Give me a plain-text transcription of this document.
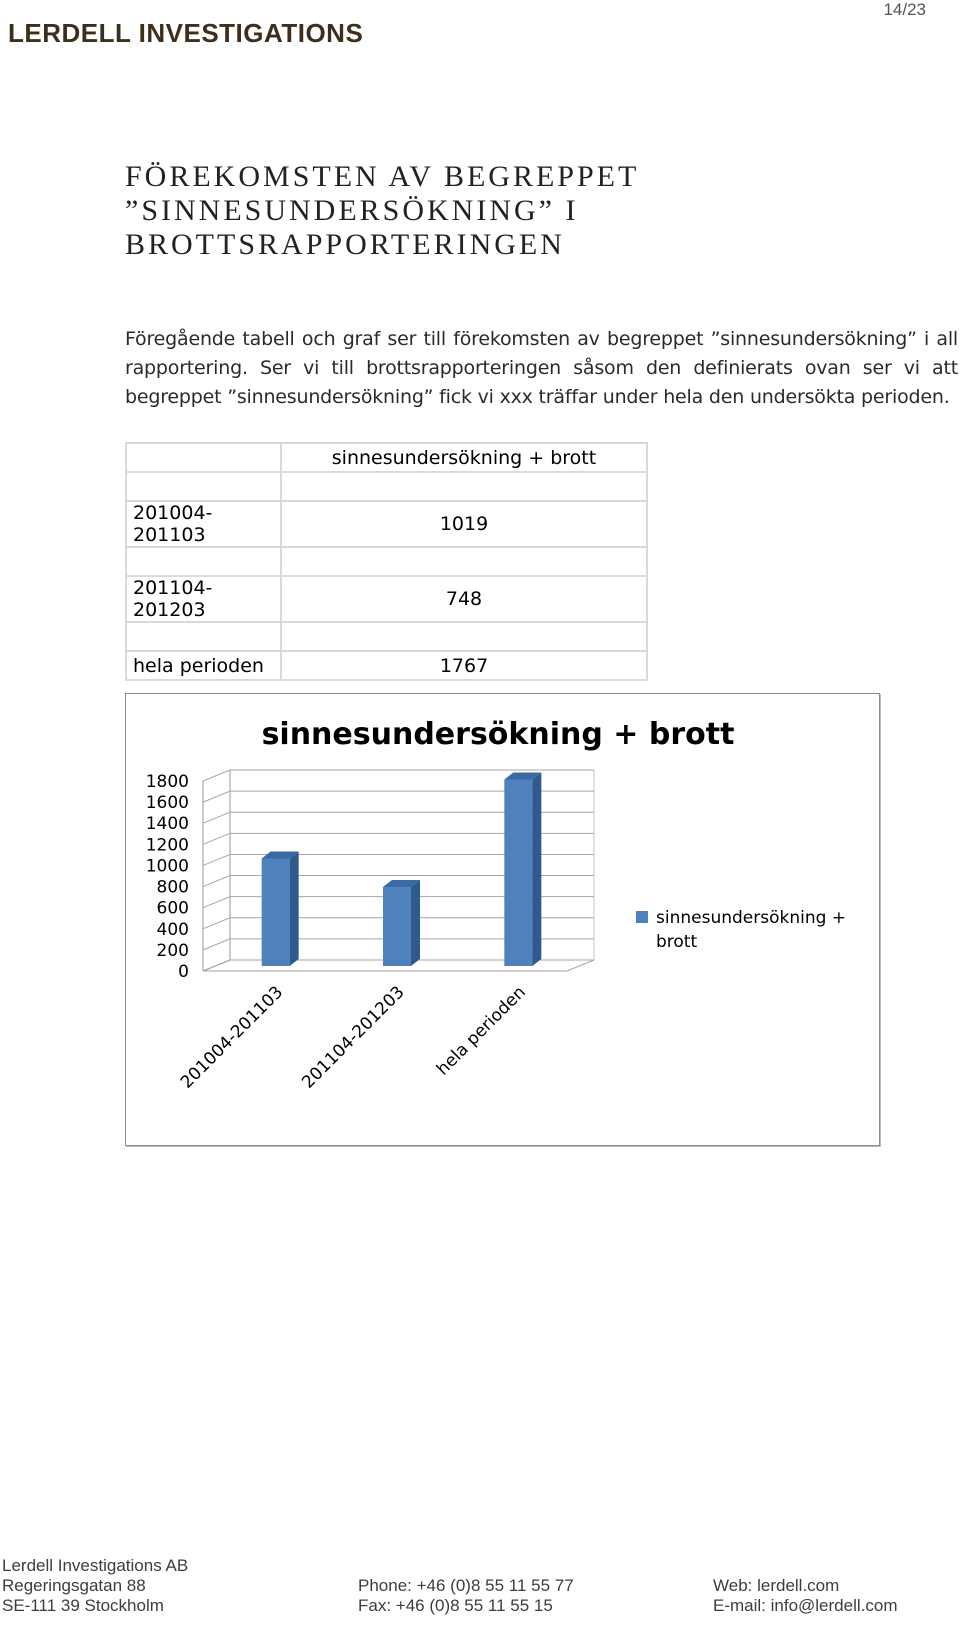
LERDELL INVESTIGATIONS
14/23
FÖREKOMSTEN AV BEGREPPET
”SINNESUNDERSÖKNING” I
BROTTSRAPPORTERINGEN
Föregående tabell och graf ser till förekomsten av begreppet ”sinnesundersökning” i all rapportering. Ser vi till brottsrapporteringen såsom den definierats ovan ser vi att begreppet ”sinnesundersökning” fick vi xxx träffar under hela den undersökta perioden.
	sinnesundersökning + brott

201004-201103	1019

201104-201203	748

hela perioden	1767
sinnesundersökning + brott
0
200
400
600
800
1000
1200
1400
1600
1800
201004-201103 201104-201203 hela perioden
sinnesundersökning + brott
Lerdell Investigations AB
Regeringsgatan 88
SE-111 39 Stockholm
Phone: +46 (0)8 55 11 55 77
Fax: +46 (0)8 55 11 55 15
Web: lerdell.com
E-mail: info@lerdell.com
